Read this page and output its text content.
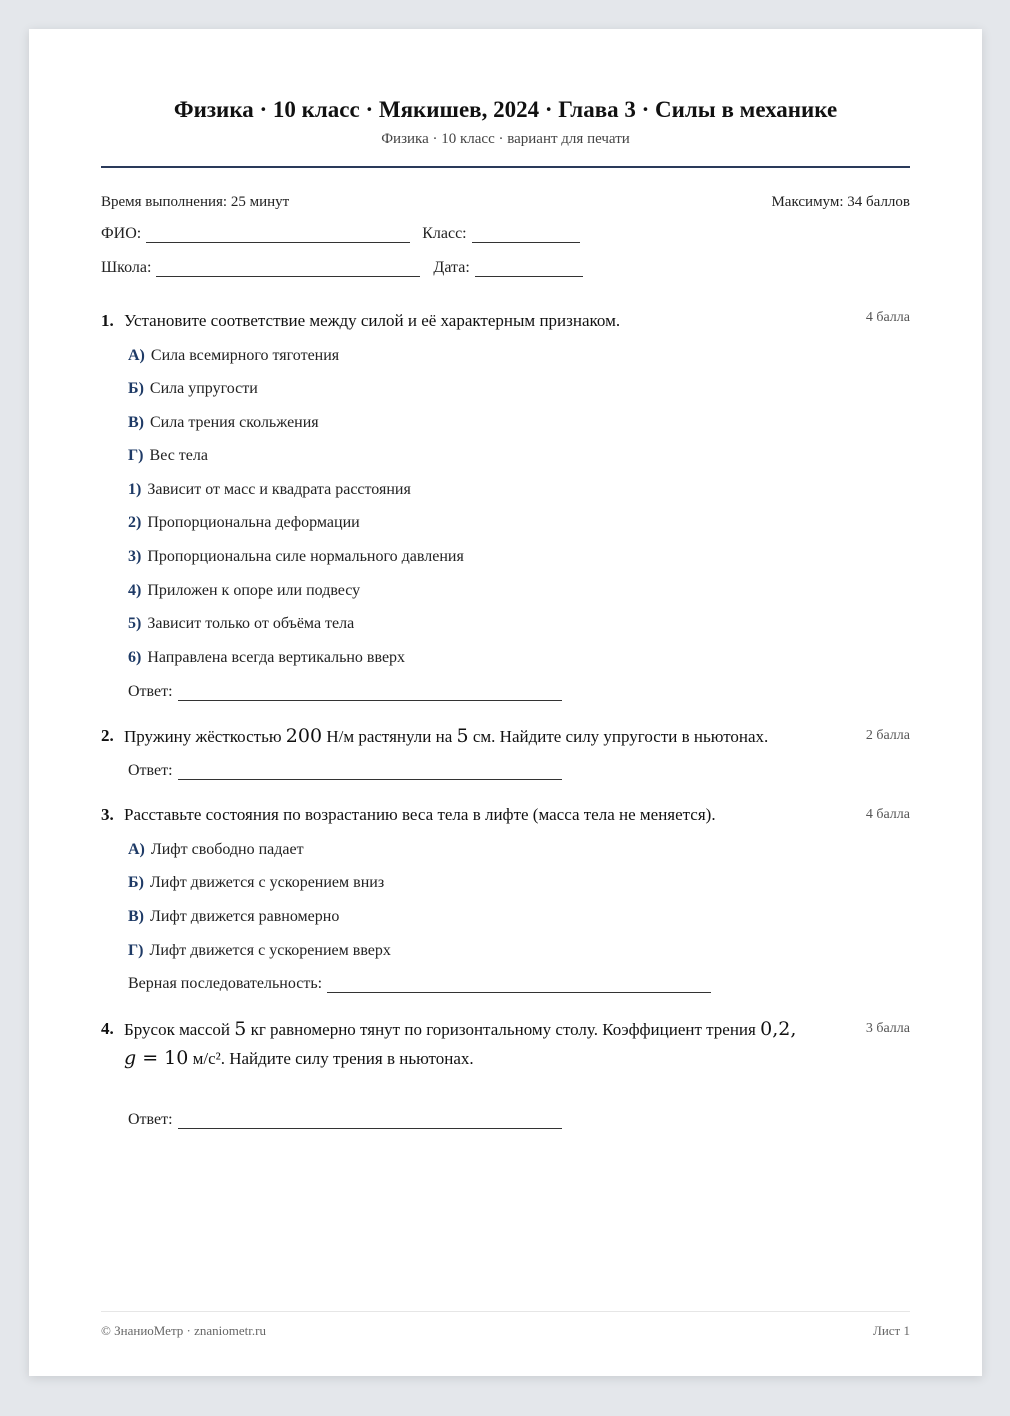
Физика · 10 класс · Мякишев, 2024 · Глава 3 · Силы в механике
Физика · 10 класс · вариант для печати
Время выполнения: 25 минут	Максимум: 34 баллов
ФИО:	Класс:
Школа:	Дата:
1. Установите соответствие между силой и её характерным признаком.	4 балла
А) Сила всемирного тяготения
Б) Сила упругости
В) Сила трения скольжения
Г) Вес тела
1) Зависит от масс и квадрата расстояния
2) Пропорциональна деформации
3) Пропорциональна силе нормального давления
4) Приложен к опоре или подвесу
5) Зависит только от объёма тела
6) Направлена всегда вертикально вверх
Ответ:
2. Пружину жёсткостью 200 Н/м растянули на 5 см. Найдите силу упругости в ньютонах.	2 балла
Ответ:
3. Расставьте состояния по возрастанию веса тела в лифте (масса тела не меняется).	4 балла
А) Лифт свободно падает
Б) Лифт движется с ускорением вниз
В) Лифт движется равномерно
Г) Лифт движется с ускорением вверх
Верная последовательность:
4. Брусок массой 5 кг равномерно тянут по горизонтальному столу. Коэффициент трения 0,2,
g = 10 м/с². Найдите силу трения в ньютонах.
3 балла
Ответ:
© ЗнаниоМетр · znaniometr.ru	Лист 1
